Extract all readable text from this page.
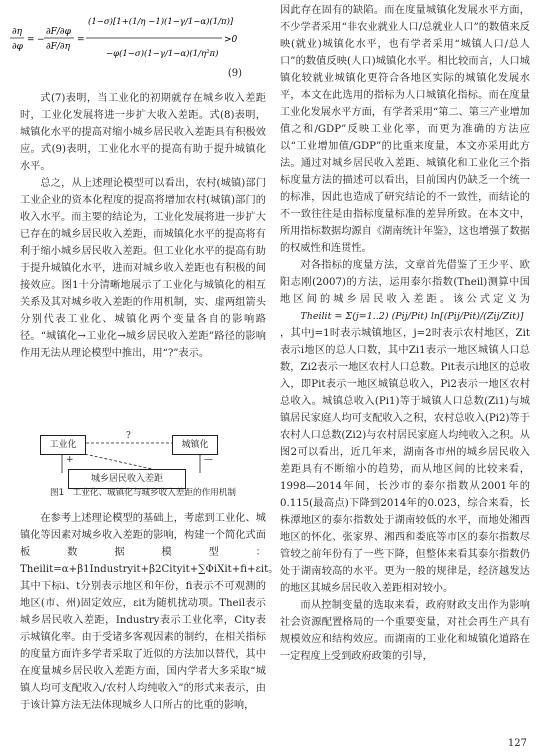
∂η
∂φ
= −
∂F/∂φ
∂F/∂η
=
(1−σ)[1+(1/η −1)(1−γ/1−α)(1/π)]
−φ(1−σ)(1−γ/1−α)(1/η²π)
>0
(9)

式(7)表明，当工业化的初期就存在城乡收入差距时，工业化发展将进一步扩大收入差距。式(8)表明，城镇化水平的提高对缩小城乡居民收入差距具有积极效应。式(9)表明，工业化水平的提高有助于提升城镇化水平。

总之，从上述理论模型可以看出，农村(城镇)部门工业企业的资本化程度的提高将增加农村(城镇)部门的收入水平。而主要的结论为，工业化发展将进一步扩大已存在的城乡居民收入差距，而城镇化水平的提高将有利于缩小城乡居民收入差距。但工业化水平的提高有助于提升城镇化水平，进而对城乡收入差距也有积极的间接效应。图1十分清晰地展示了工业化与城镇化的相互关系及其对城乡收入差距的作用机制，实、虚两组箭头分别代表工业化、城镇化两个变量各自的影响路径。“城镇化→工业化→城乡居民收入差距”路径的影响作用无法从理论模型中推出，用“?”表示。

工业化	城镇化
城乡居民收入差距
?
+	—
图1　工业化、城镇化与城乡收入差距的作用机制

在参考上述理论模型的基础上，考虑到工业化、城镇化等因素对城乡收入差距的影响，构建一个简化式面板数据模型：Theilit=α+β1Industryit+β2Cityit+∑ΦiXit+fi+εit。其中下标i、t分别表示地区和年份，fi表示不可观测的地区(市、州)固定效应，εit为随机扰动项。Theil表示城乡居民收入差距，Industry表示工业化率，City表示城镇化率。由于受诸多客观因素的制约，在相关指标的度量方面许多学者采取了近似的方法加以替代，其中在度量城乡居民收入差距方面，国内学者大多采取“城镇人均可支配收入/农村人均纯收入”的形式来表示，由于该计算方法无法体现城乡人口所占的比重的影响，

因此存在固有的缺陷。而在度量城镇化发展水平方面，不少学者采用“非农业就业人口/总就业人口”的数值来反映(就业)城镇化水平，也有学者采用“城镇人口/总人口”的数值反映(人口)城镇化水平。相比较而言，人口城镇化较就业城镇化更符合各地区实际的城镇化发展水平，本文在此选用的指标为人口城镇化指标。而在度量工业化发展水平方面，有学者采用“第二、第三产业增加值之和/GDP”反映工业化率，而更为准确的方法应以“工业增加值/GDP”的比重来度量，本文亦采用此方法。通过对城乡居民收入差距、城镇化和工业化三个指标度量方法的描述可以看出，目前国内仍缺乏一个统一的标准，因此也造成了研究结论的不一致性，而结论的不一致往往是由指标度量标准的差异所致。在本文中，所用指标数据均源自《湖南统计年鉴》，这也增强了数据的权威性和连贯性。

对各指标的度量方法，文章首先借鉴了王少平、欧阳志刚(2007)的方法，运用泰尔指数(Theil)测算中国地区间的城乡居民收入差距。该公式定义为 Theilit = Σ(j=1..2) (Pij/Pit) ln[(Pij/Pit)/(Zij/Zit)] ，其中j=1时表示城镇地区，j=2时表示农村地区，Zit表示i地区的总人口数，其中Zi1表示一地区城镇人口总数，Zi2表示一地区农村人口总数。Pit表示i地区的总收入，即Pit表示一地区城镇总收入，Pi2表示一地区农村总收入。城镇总收入(Pi1)等于城镇人口总数(Zi1)与城镇居民家庭人均可支配收入之积，农村总收入(Pi2)等于农村人口总数(Zi2)与农村居民家庭人均纯收入之积。从图2可以看出，近几年来，湖南各市州的城乡居民收入差距具有不断缩小的趋势，而从地区间的比较来看，1998—2014年间，长沙市的泰尔指数从2001年的0.115(最高点)下降到2014年的0.023，综合来看，长株潭地区的泰尔指数处于湖南较低的水平，而地处湘西地区的怀化、张家界、湘西和娄底等市区的泰尔指数尽管较之前年份有了一些下降，但整体来看其泰尔指数仍处于湖南较高的水平。更为一般的规律是，经济越发达的地区其城乡居民收入差距相对较小。

而从控制变量的选取来看，政府财政支出作为影响社会资源配置格局的一个重要变量，对社会再生产具有规模效应和结构效应。而湖南的工业化和城镇化道路在一定程度上受到政府政策的引导，

127
